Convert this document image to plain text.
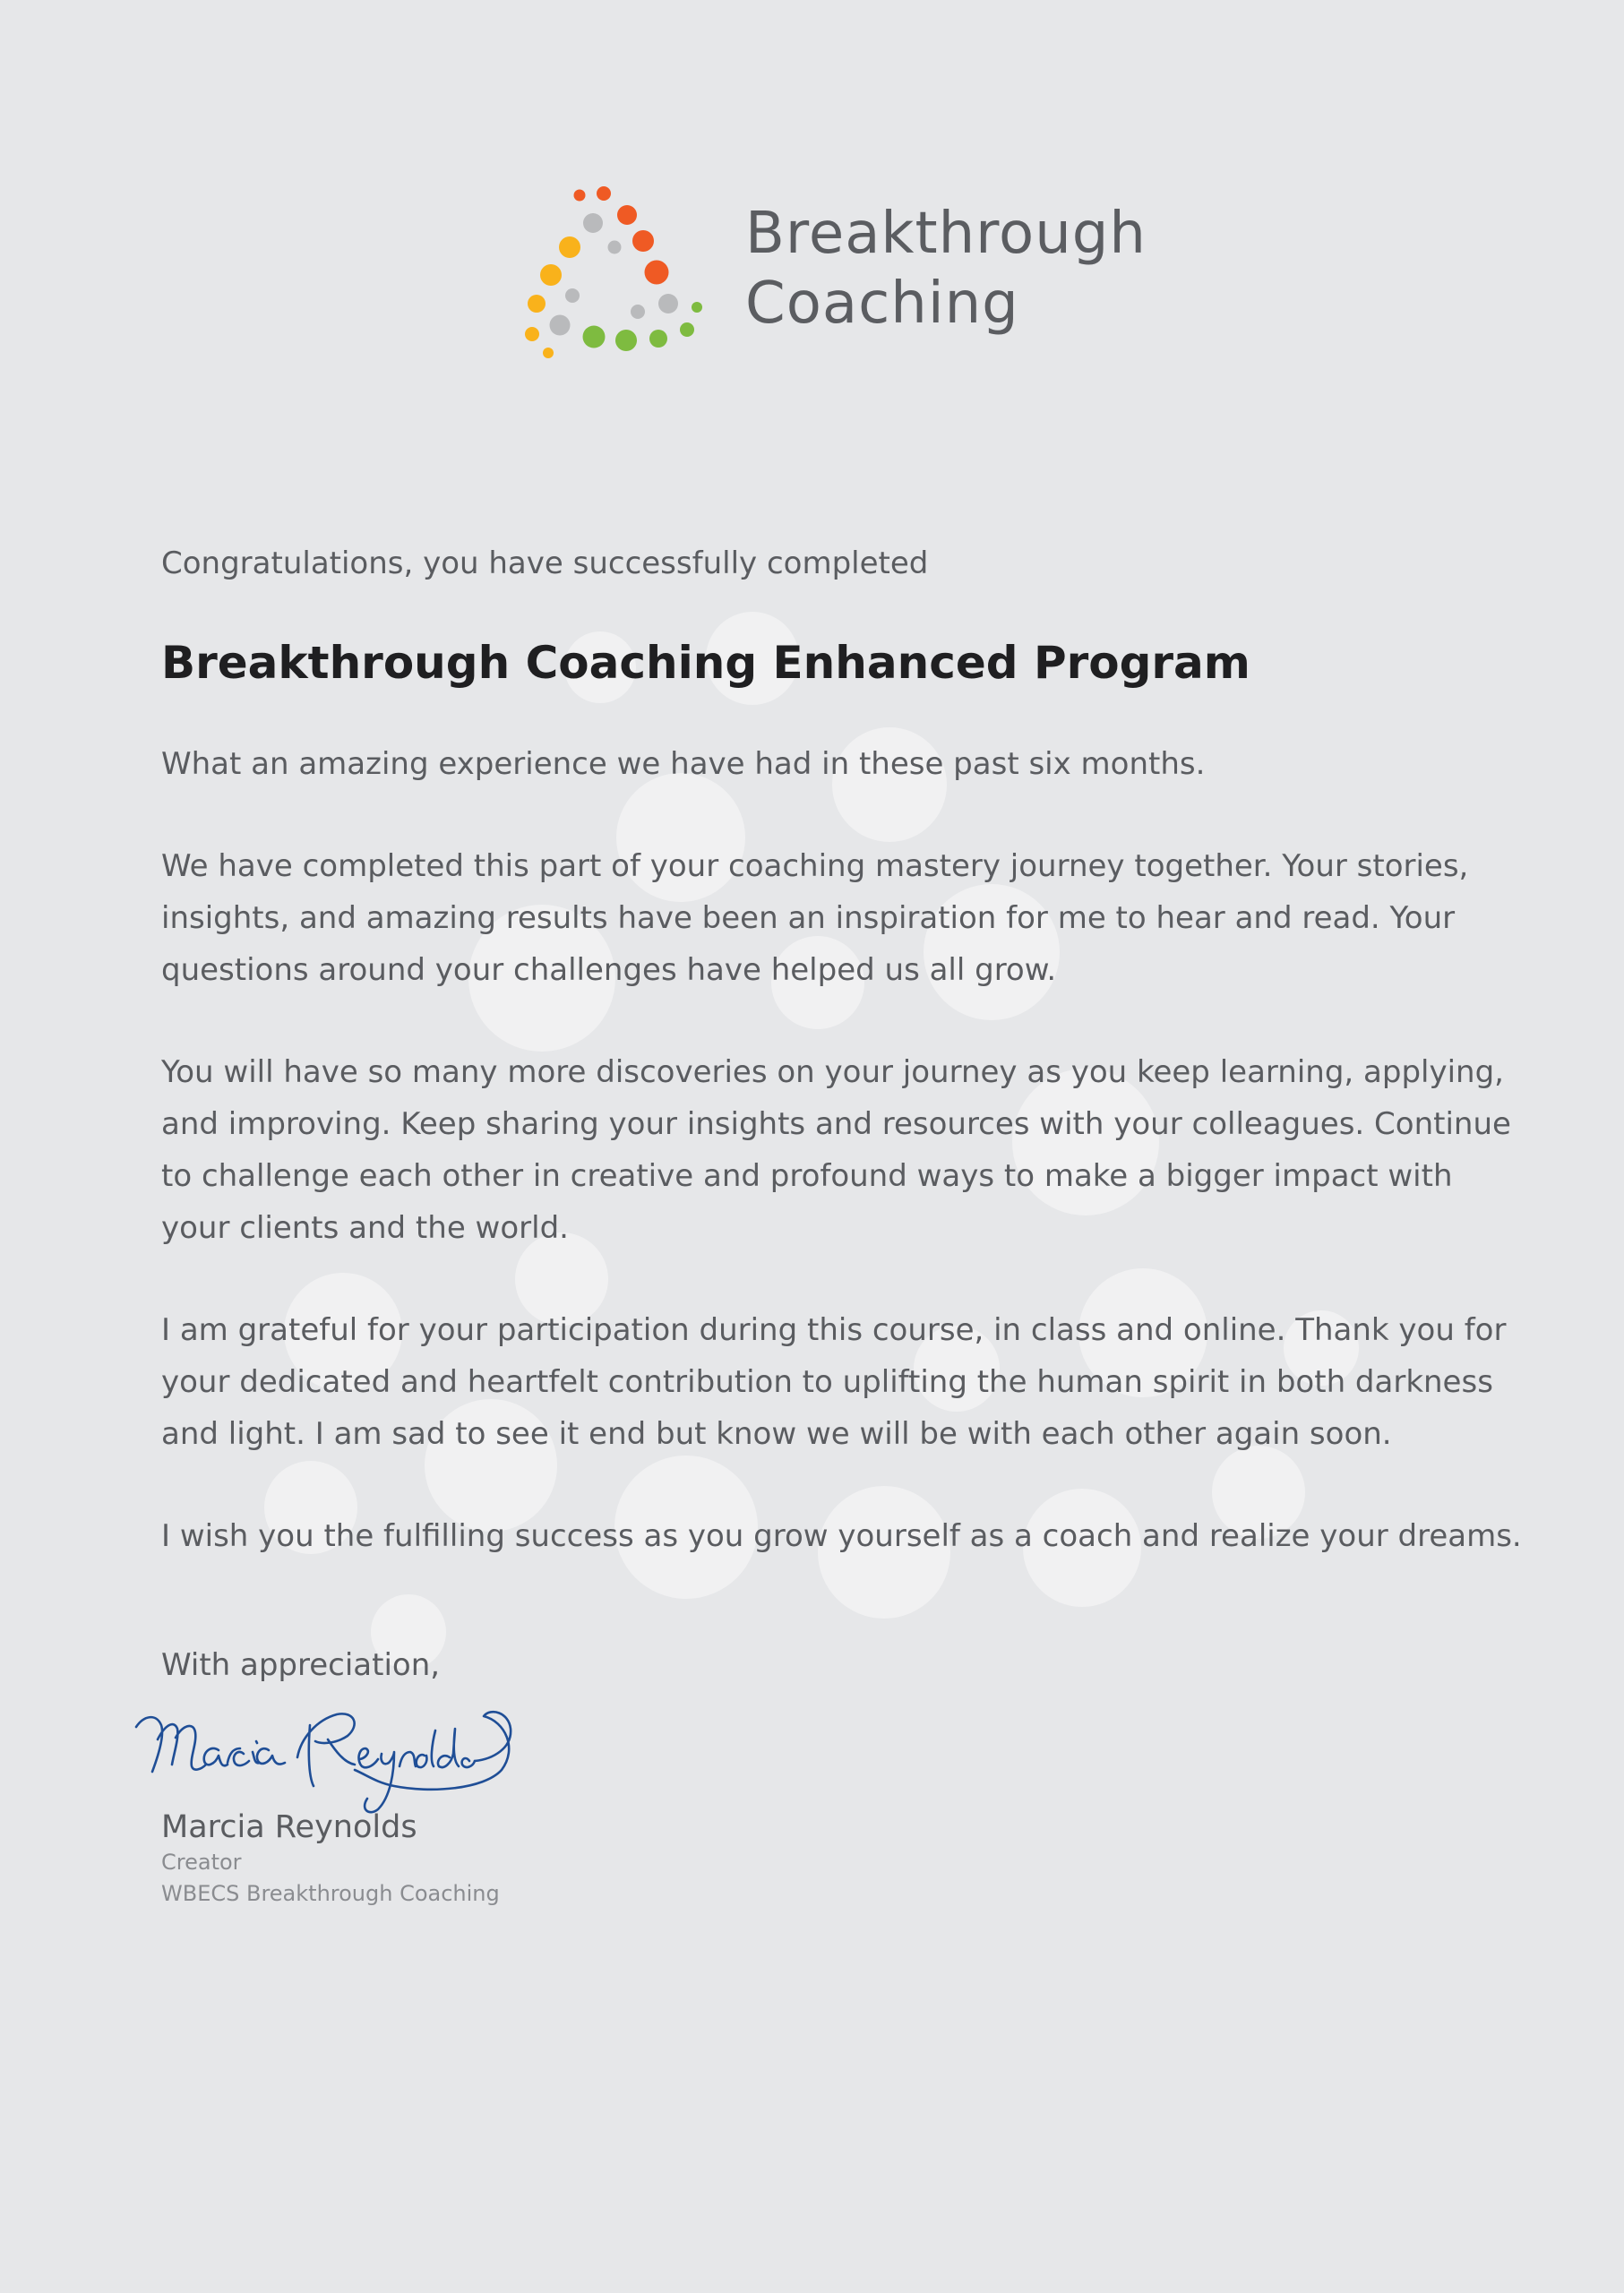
Breakthrough
Coaching
Congratulations, you have successfully completed
Breakthrough Coaching Enhanced Program
What an amazing experience we have had in these past six months.
We have completed this part of your coaching mastery journey together. Your stories,
insights, and amazing results have been an inspiration for me to hear and read. Your
questions around your challenges have helped us all grow.
You will have so many more discoveries on your journey as you keep learning, applying,
and improving. Keep sharing your insights and resources with your colleagues. Continue
to challenge each other in creative and profound ways to make a bigger impact with
your clients and the world.
I am grateful for your participation during this course, in class and online. Thank you for
your dedicated and heartfelt contribution to uplifting the human spirit in both darkness
and light. I am sad to see it end but know we will be with each other again soon.
I wish you the fulfilling success as you grow yourself as a coach and realize your dreams.
With appreciation,
Marcia Reynolds
Creator
WBECS Breakthrough Coaching
